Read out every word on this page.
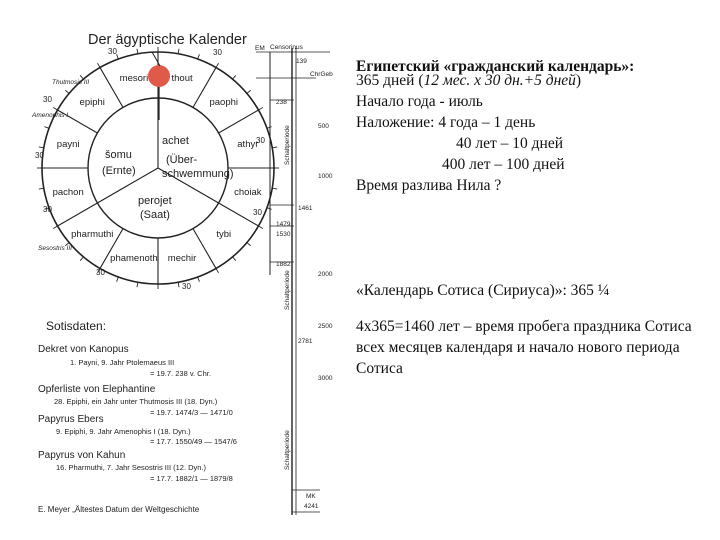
Der ägyptische Kalender
thout
paophi
athyr
choiak
tybi
mechir
phamenoth
pharmuthi
pachon
payni
epiphi
mesori
achet
(Über-
schwemmung)
šomu
(Ernte)
perojet
(Saat)
30
30
30
30
30
30
30
30
30
Thutmosis III
Amenophis I
Sesostris III
EM Censorinus
ChrGeb
139
238
500
1000
1461
1479
1530
1882
2000
2500
2781
3000
4241
MK
Schaltperiode
Schaltperiode
Schaltperiode
Sotisdaten:
Dekret von Kanopus
1. Payni, 9. Jahr Ptolemaeus III
= 19.7. 238 v. Chr.
Opferliste von Elephantine
28. Epiphi, ein Jahr unter Thutmosis III (18. Dyn.)
= 19.7. 1474/3 — 1471/0
Papyrus Ebers
9. Epiphi, 9. Jahr Amenophis I (18. Dyn.)
= 17.7. 1550/49 — 1547/6
Papyrus von Kahun
16. Pharmuthi, 7. Jahr Sesostris III (12. Dyn.)
= 17.7. 1882/1 — 1879/8
E. Meyer „Ältestes Datum der Weltgeschichte
Египетский «гражданский календарь»:
365 дней (12 мес. х 30 дн.+5 дней)
Начало года - июль
Наложение: 4 года – 1 день
40 лет – 10 дней
400 лет – 100 дней
Время разлива Нила ?
«Календарь Сотиса (Сириуса)»: 365 ¼
4х365=1460 лет – время пробега праздника Сотиса всех месяцев календаря и начало нового периода Сотиса
